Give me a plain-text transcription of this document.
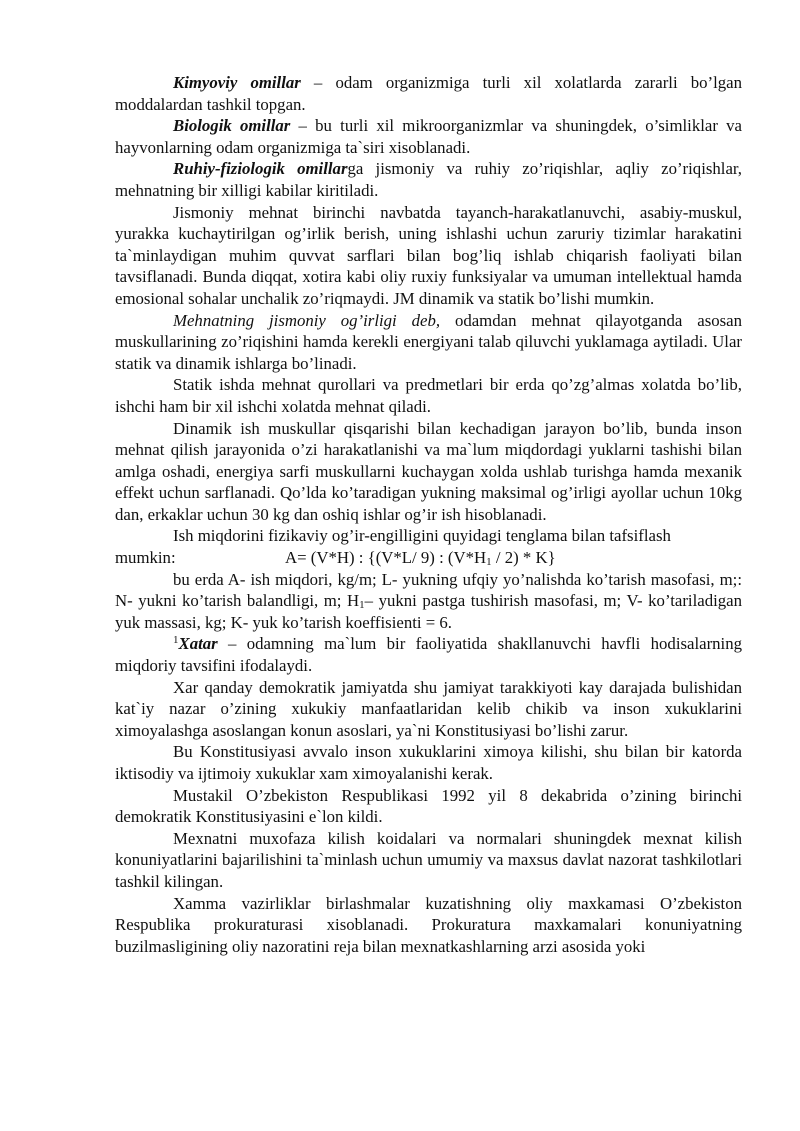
Kimyoviy omillar – odam organizmiga turli xil xolatlarda zararli bo’lgan moddalardan tashkil topgan.

Biologik omillar – bu turli xil mikroorganizmlar va shuningdek, o’simliklar va hayvonlarning odam organizmiga ta`siri xisoblanadi.

Ruhiy-fiziologik omillarga jismoniy va ruhiy zo’riqishlar, aqliy zo’riqishlar, mehnatning bir xilligi kabilar kiritiladi.

Jismoniy mehnat birinchi navbatda tayanch-harakatlanuvchi, asabiy-muskul, yurakka kuchaytirilgan og’irlik berish, uning ishlashi uchun zaruriy tizimlar harakatini ta`minlaydigan muhim quvvat sarflari bilan bog’liq ishlab chiqarish faoliyati bilan tavsiflanadi. Bunda diqqat, xotira kabi oliy ruxiy funksiyalar va umuman intellektual hamda emosional sohalar unchalik zo’riqmaydi. JM dinamik va statik bo’lishi mumkin.

Mehnatning jismoniy og’irligi deb, odamdan mehnat qilayotganda asosan muskullarining zo’riqishini hamda kerekli energiyani talab qiluvchi yuklamaga aytiladi. Ular statik va dinamik ishlarga bo’linadi.

Statik ishda mehnat qurollari va predmetlari bir erda qo’zg’almas xolatda bo’lib, ishchi ham bir xil ishchi xolatda mehnat qiladi.

Dinamik ish muskullar qisqarishi bilan kechadigan jarayon bo’lib, bunda inson mehnat qilish jarayonida o’zi harakatlanishi va ma`lum miqdordagi yuklarni tashishi bilan amlga oshadi, energiya sarfi muskullarni kuchaygan xolda ushlab turishga hamda mexanik effekt uchun sarflanadi. Qo’lda ko’taradigan yukning maksimal og’irligi ayollar uchun 10kg dan, erkaklar uchun 30 kg dan oshiq ishlar og’ir ish hisoblanadi.

Ish miqdorini fizikaviy og’ir-engilligini quyidagi tenglama bilan tafsiflash

mumkin:	A= (V*H) : {(V*L/ 9) : $(V*H_1 / 2) * K$}

bu erda A- ish miqdori, kg/m; L- yukning ufqiy yo’nalishda ko’tarish masofasi, m;: N- yukni ko’tarish balandligi, m; $H_1-$ yukni pastga tushirish masofasi, m; V- ko’tariladigan yuk massasi, kg; K- yuk ko’tarish koeffisienti = 6.

$^1$Xatar – odamning ma`lum bir faoliyatida shakllanuvchi havfli hodisalarning miqdoriy tavsifini ifodalaydi.

Xar qanday demokratik jamiyatda shu jamiyat tarakkiyoti kay darajada bulishidan kat`iy nazar o’zining xukukiy manfaatlaridan kelib chikib va inson xukuklarini ximoyalashga asoslangan konun asoslari, ya`ni Konstitusiyasi bo’lishi zarur.

Bu Konstitusiyasi avvalo inson xukuklarini ximoya kilishi, shu bilan bir katorda iktisodiy va ijtimoiy xukuklar xam ximoyalanishi kerak.

Mustakil O’zbekiston Respublikasi 1992 yil 8 dekabrida o’zining birinchi demokratik Konstitusiyasini e`lon kildi.

Mexnatni muxofaza kilish koidalari va normalari shuningdek mexnat kilish konuniyatlarini bajarilishini ta`minlash uchun umumiy va maxsus davlat nazorat tashkilotlari tashkil kilingan.

Xamma vazirliklar birlashmalar kuzatishning oliy maxkamasi O’zbekiston Respublika prokuraturasi xisoblanadi. Prokuratura maxkamalari konuniyatning buzilmasligining oliy nazoratini reja bilan mexnatkashlarning arzi asosida yoki
